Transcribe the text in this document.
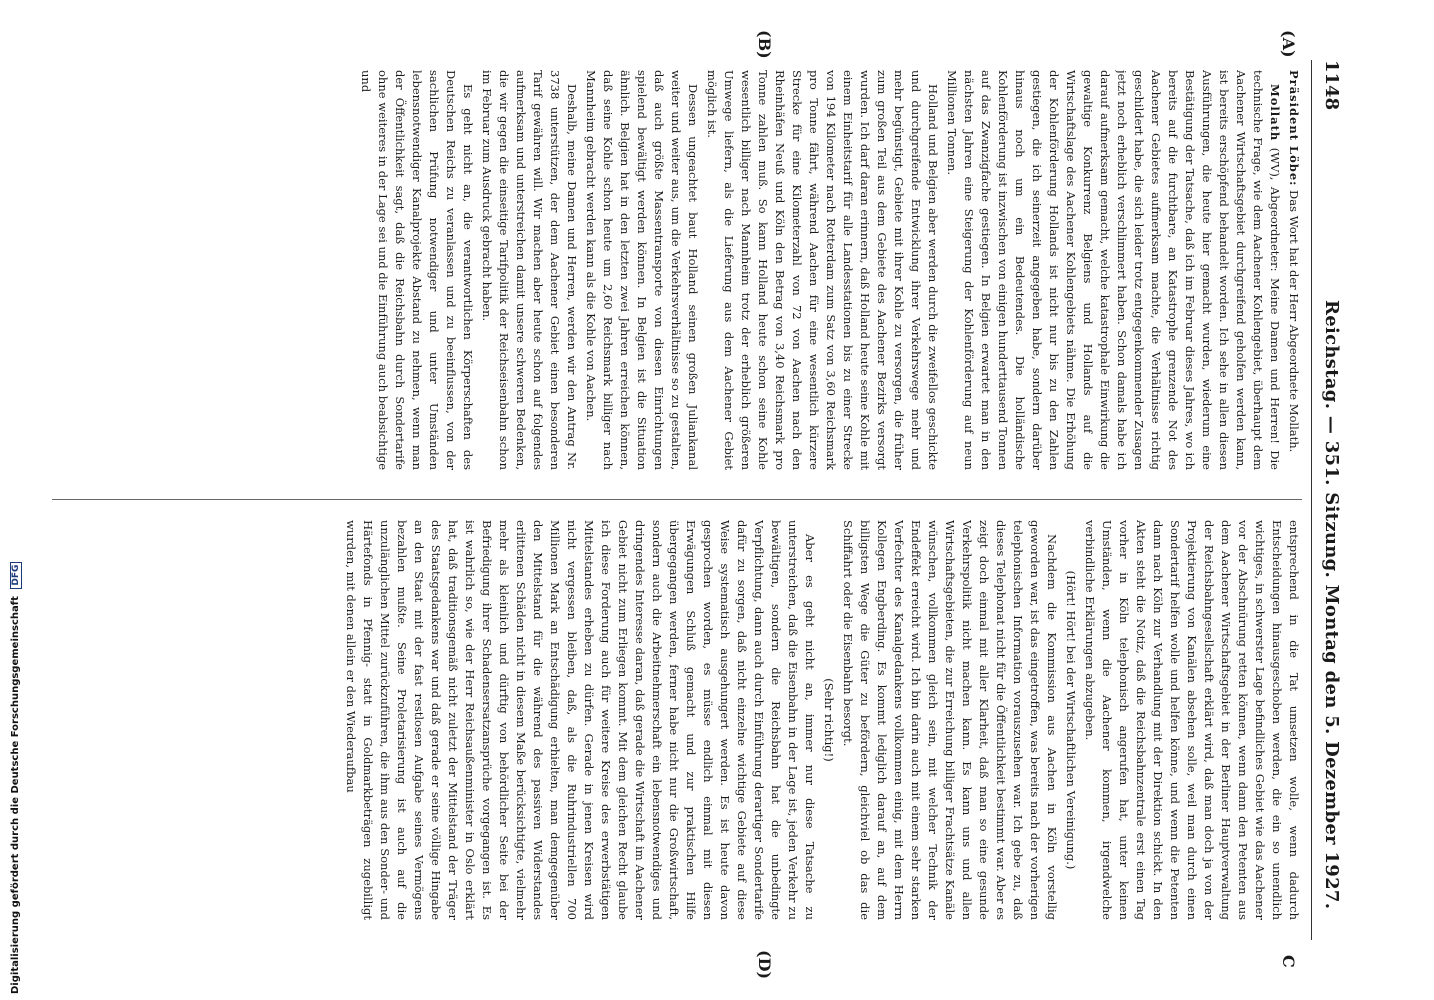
1148
Reichstag. — 351. Sitzung. Montag den 5. Dezember 1927.
(A)
(B)
C
(D)

Präsident Löbe: Das Wort hat der Herr Abgeordnete Mollath.

Mollath (WV), Abgeordneter: Meine Damen und Herren! Die technische Frage, wie dem Aachener Kohlengebiet, überhaupt dem Aachener Wirtschaftsgebiet durchgreifend geholfen werden kann, ist bereits erschöpfend behandelt worden. Ich sehe in allen diesen Ausführungen, die heute hier gemacht wurden, wiederum eine Bestätigung der Tatsache, daß ich im Februar dieses Jahres, wo ich bereits auf die furchtbare, an Katastrophe grenzende Not des Aachener Gebietes aufmerksam machte, die Verhältnisse richtig geschildert habe, die sich leider trotz entgegenkommender Zusagen jetzt noch erheblich verschlimmert haben. Schon damals habe ich darauf aufmerksam gemacht, welche katastrophale Einwirkung die gewaltige Konkurrenz Belgiens und Hollands auf die Wirtschaftslage des Aachener Kohlengebiets nähme. Die Erhöhung der Kohlenförderung Hollands ist nicht nur bis zu den Zahlen gestiegen, die ich seinerzeit angegeben habe, sondern darüber hinaus noch um ein Bedeutendes. Die holländische Kohlenförderung ist inzwischen von einigen hunderttausend Tonnen auf das Zwanzigfache gestiegen. In Belgien erwartet man in den nächsten Jahren eine Steigerung der Kohlenförderung auf neun Millionen Tonnen.

Holland und Belgien aber werden durch die zweifellos geschickte und durchgreifende Entwicklung ihrer Verkehrswege mehr und mehr begünstigt, Gebiete mit ihrer Kohle zu versorgen, die früher zum großen Teil aus dem Gebiete des Aachener Bezirks versorgt wurden. Ich darf daran erinnern, daß Holland heute seine Kohle mit einem Einheitstarif für alle Landesstationen bis zu einer Strecke von 194 Kilometer nach Rotterdam zum Satz von 3,60 Reichsmark pro Tonne fährt, während Aachen für eine wesentlich kürzere Strecke für eine Kilometerzahl von 72 von Aachen nach den Rheinhäfen Neuß und Köln den Betrag von 3,40 Reichsmark pro Tonne zahlen muß. So kann Holland heute schon seine Kohle wesentlich billiger nach Mannheim trotz der erheblich größeren Umwege liefern, als die Lieferung aus dem Aachener Gebiet möglich ist.

Dessen ungeachtet baut Holland seinen großen Juliankanal weiter und weiter aus, um die Verkehrsverhältnisse so zu gestalten, daß auch größte Massentransporte von diesen Einrichtungen spielend bewältigt werden können. In Belgien ist die Situation ähnlich. Belgien hat in den letzten zwei Jahren erreichen können, daß seine Kohle schon heute um 2,60 Reichsmark billiger nach Mannheim gebracht werden kann als die Kohle von Aachen.

Deshalb, meine Damen und Herren, werden wir den Antrag Nr. 3738 unterstützen, der dem Aachener Gebiet einen besonderen Tarif gewähren will. Wir machen aber heute schon auf folgendes aufmerksam und unterstreichen damit unsere schweren Bedenken, die wir gegen die einseitige Tarifpolitik der Reichseisenbahn schon im Februar zum Ausdruck gebracht haben.

Es geht nicht an, die verantwortlichen Körperschaften des Deutschen Reichs zu veranlassen und zu beeinflussen, von der sachlichen Prüfung notwendiger und unter Umständen lebensnotwendiger Kanalprojekte Abstand zu nehmen, wenn man der Öffentlichkeit sagt, daß die Reichsbahn durch Sondertarife ohne weiteres in der Lage sei und die Einführung auch beabsichtige und

entsprechend in die Tat umsetzen wolle, wenn dadurch Entscheidungen hinausgeschoben werden, die ein so unendlich wichtiges, in schwerster Lage befindliches Gebiet wie das Aachener vor der Abschnürung retten können, wenn dann den Petenten aus dem Aachener Wirtschaftsgebiet in der Berliner Hauptverwaltung der Reichsbahngesellschaft erklärt wird, daß man doch ja von der Projektierung von Kanälen absehen solle, weil man durch einen Sondertarif helfen wolle und helfen könne, und wenn die Petenten dann nach Köln zur Verhandlung mit der Direktion schickt. In den Akten steht die Notiz, daß die Reichsbahnzentrale erst einen Tag vorher in Köln telephonisch angerufen hat, unter keinen Umständen, wenn die Aachener kommen, irgendwelche verbindliche Erklärungen abzugeben.

(Hört! Hört! bei der Wirtschaftlichen Vereinigung.)

Nachdem die Kommission aus Aachen in Köln vorstellig geworden war, ist das eingetroffen, was bereits nach der vorherigen telephonischen Information vorauszusehen war. Ich gebe zu, daß dieses Telephonat nicht für die Öffentlichkeit bestimmt war. Aber es zeigt doch einmal mit aller Klarheit, daß man so eine gesunde Verkehrspolitik nicht machen kann. Es kann uns und allen Wirtschaftsgebieten, die zur Erreichung billiger Frachtsätze Kanäle wünschen, vollkommen gleich sein, mit welcher Technik der Endeffekt erreicht wird. Ich bin darin auch mit einem sehr starken Verfechter des Kanalgedankens vollkommen einig, mit dem Herrn Kollegen Engberding. Es kommt lediglich darauf an, auf dem billigsten Wege die Güter zu befördern, gleichviel ob das die Schiffahrt oder die Eisenbahn besorgt.

(Sehr richtig!)

Aber es geht nicht an, immer nur diese Tatsache zu unterstreichen, daß die Eisenbahn in der Lage ist, jeden Verkehr zu bewältigen, sondern die Reichsbahn hat die unbedingte Verpflichtung, dann auch durch Einführung derartiger Sondertarife dafür zu sorgen, daß nicht einzelne wichtige Gebiete auf diese Weise systematisch ausgehungert werden. Es ist heute davon gesprochen worden, es müsse endlich einmal mit diesen Erwägungen Schluß gemacht und zur praktischen Hilfe übergegangen werden, ferner habe nicht nur die Großwirtschaft, sondern auch die Arbeitnehmerschaft ein lebensnotwendiges und dringendes Interesse daran, daß gerade die Wirtschaft im Aachener Gebiet nicht zum Erliegen kommt. Mit dem gleichen Recht glaube ich diese Forderung auch für weitere Kreise des erwerbstätigen Mittelstandes erheben zu dürfen. Gerade in jenen Kreisen wird nicht vergessen bleiben, daß, als die Ruhrindustriellen 700 Millionen Mark an Entschädigung erhielten, man demgegenüber den Mittelstand für die während des passiven Widerstandes erlittenen Schäden nicht in diesem Maße berücksichtigte, vielmehr mehr als kleinlich und dürftig von behördlicher Seite bei der Befriedigung ihrer Schadensersatzansprüche vorgegangen ist. Es ist wahrlich so, wie der Herr Reichsaußenminister in Oslo erklärt hat, daß traditionsgemäß nicht zuletzt der Mittelstand der Träger des Staatsgedankens war und daß gerade er seine völlige Hingabe an den Staat mit der fast restlosen Aufgabe seines Vermögens bezahlen mußte. Seine Proletarisierung ist auch auf die unzulänglichen Mittel zurückzuführen, die ihm aus den Sonder- und Härtefonds in Pfennig- statt in Goldmarkbeträgen zugebilligt wurden, mit denen allein er den Wiederaufbau

Digitalisierung gefördert durch die Deutsche Forschungsgemeinschaft DFG
